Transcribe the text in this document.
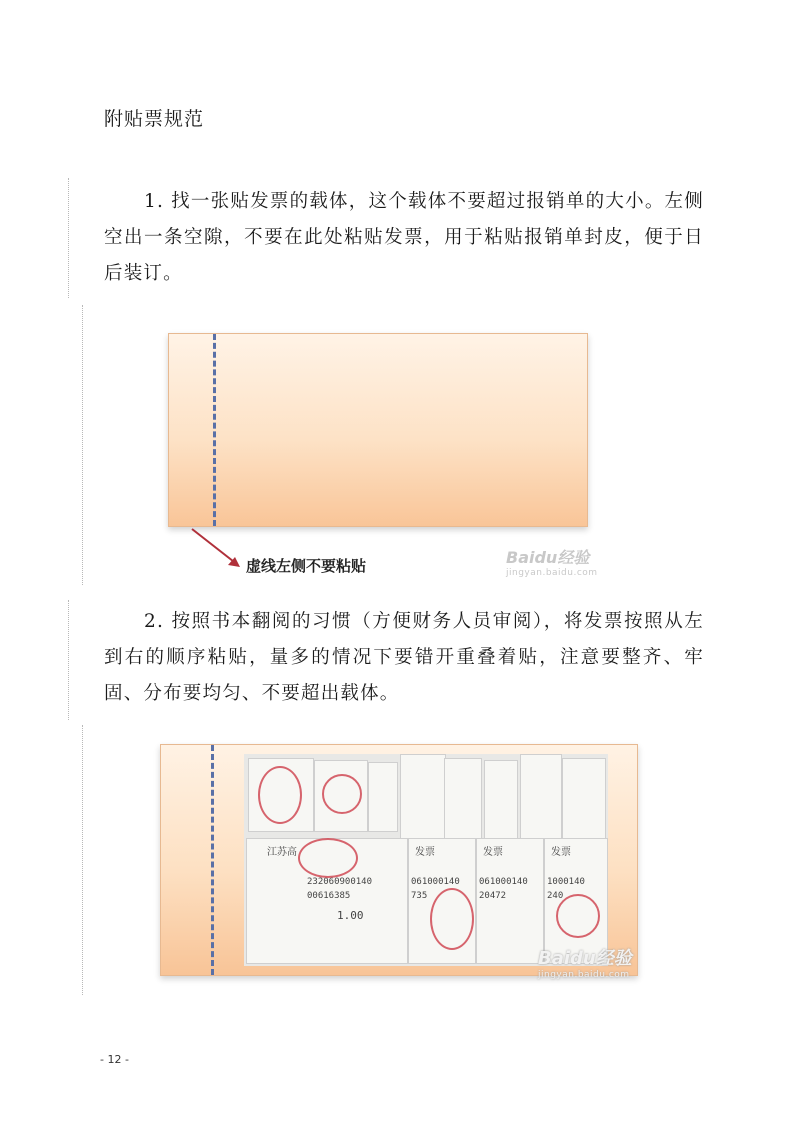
附贴票规范

1. 找一张贴发票的载体，这个载体不要超过报销单的大小。左侧空出一条空隙，不要在此处粘贴发票，用于粘贴报销单封皮，便于日后装订。

虚线左侧不要粘贴	Baidu经验
jingyan.baidu.com

2. 按照书本翻阅的习惯（方便财务人员审阅），将发票按照从左到右的顺序粘贴，量多的情况下要错开重叠着贴，注意要整齐、牢固、分布要均匀、不要超出载体。

江苏高
232060900140
00616385
1.00
发票
061000140
735
发票
061000140
20472
发票
1000140
240
Baidu经验
jingyan.baidu.com
- 12 -
